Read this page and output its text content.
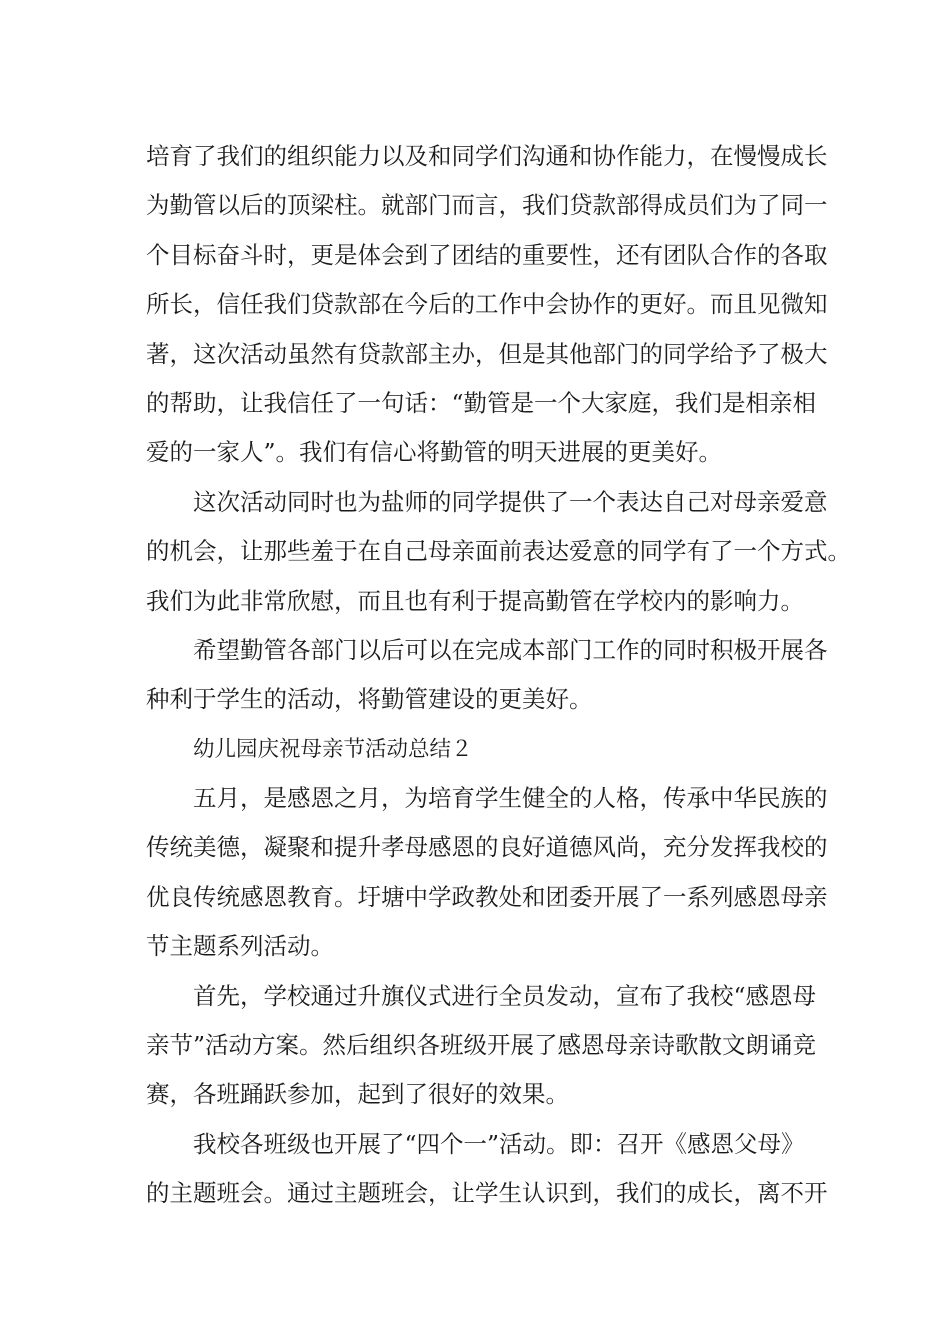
培育了我们的组织能力以及和同学们沟通和协作能力，在慢慢成长
为勤管以后的顶梁柱。就部门而言，我们贷款部得成员们为了同一
个目标奋斗时，更是体会到了团结的重要性，还有团队合作的各取
所长，信任我们贷款部在今后的工作中会协作的更好。而且见微知
著，这次活动虽然有贷款部主办，但是其他部门的同学给予了极大
的帮助，让我信任了一句话：“勤管是一个大家庭，我们是相亲相
爱的一家人”。我们有信心将勤管的明天进展的更美好。
这次活动同时也为盐师的同学提供了一个表达自己对母亲爱意
的机会，让那些羞于在自己母亲面前表达爱意的同学有了一个方式。
我们为此非常欣慰，而且也有利于提高勤管在学校内的影响力。
希望勤管各部门以后可以在完成本部门工作的同时积极开展各
种利于学生的活动，将勤管建设的更美好。
幼儿园庆祝母亲节活动总结２
五月，是感恩之月，为培育学生健全的人格，传承中华民族的
传统美德，凝聚和提升孝母感恩的良好道德风尚，充分发挥我校的
优良传统感恩教育。圩塘中学政教处和团委开展了一系列感恩母亲
节主题系列活动。
首先，学校通过升旗仪式进行全员发动，宣布了我校“感恩母
亲节”活动方案。然后组织各班级开展了感恩母亲诗歌散文朗诵竞
赛，各班踊跃参加，起到了很好的效果。
我校各班级也开展了“四个一”活动。即：召开《感恩父母》
的主题班会。通过主题班会，让学生认识到，我们的成长，离不开
